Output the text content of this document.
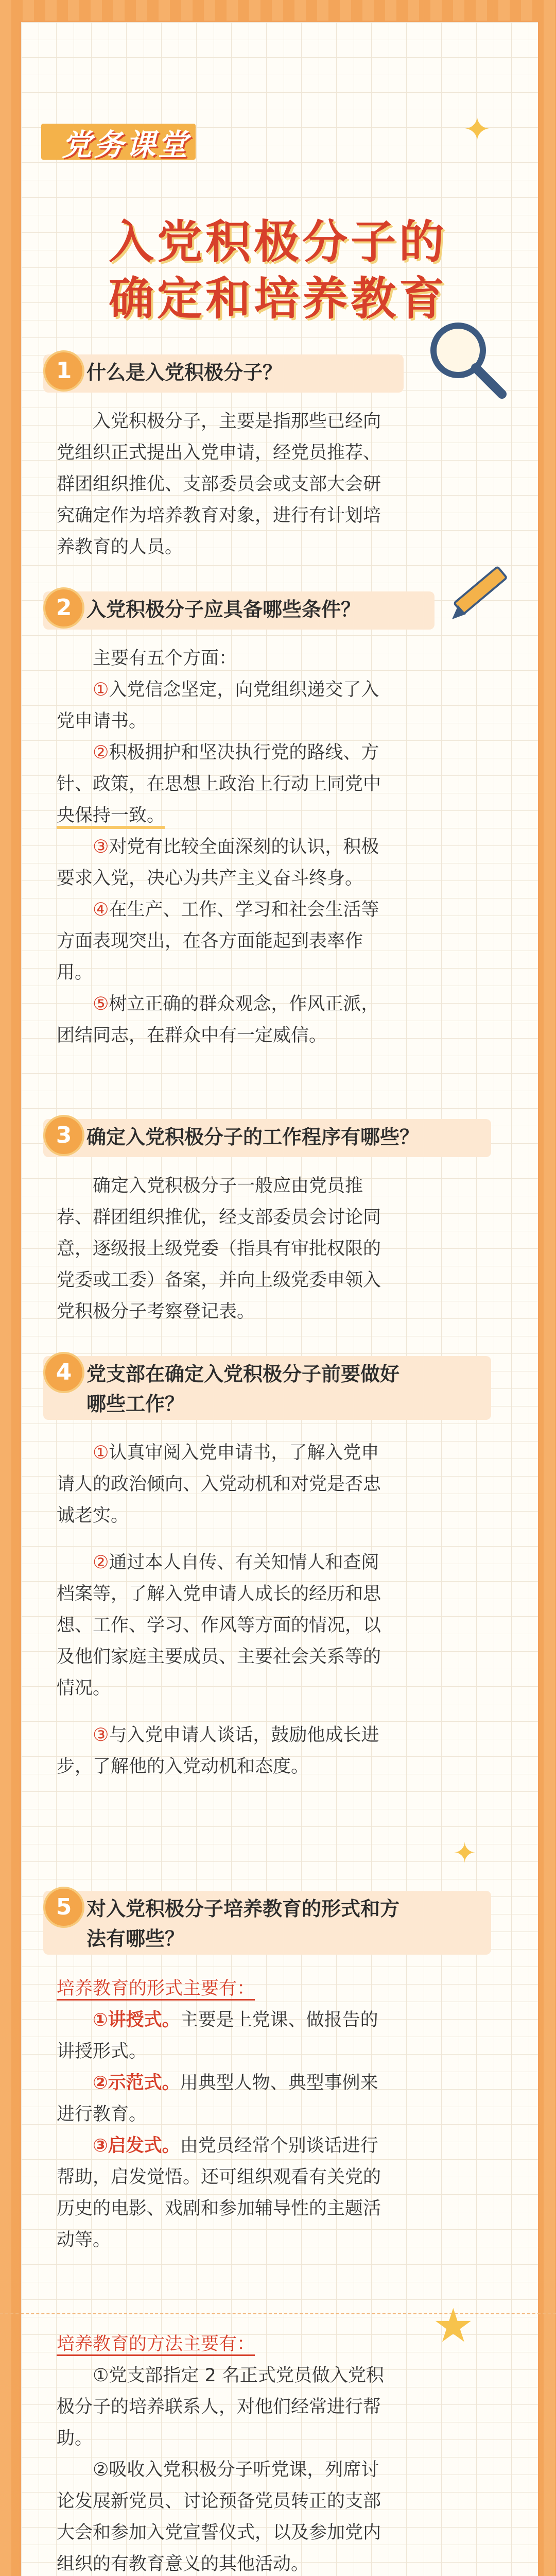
党务课堂	✦
入党积极分子的
确定和培养教育
1 什么是入党积极分子？
入党积极分子，主要是指那些已经向
党组织正式提出入党申请，经党员推荐、
群团组织推优、支部委员会或支部大会研
究确定作为培养教育对象，进行有计划培
养教育的人员。
2 入党积极分子应具备哪些条件？
主要有五个方面：
①入党信念坚定，向党组织递交了入
党申请书。
②积极拥护和坚决执行党的路线、方
针、政策，在思想上政治上行动上同党中
央保持一致。
③对党有比较全面深刻的认识，积极
要求入党，决心为共产主义奋斗终身。
④在生产、工作、学习和社会生活等
方面表现突出，在各方面能起到表率作
用。
⑤树立正确的群众观念，作风正派，
团结同志，在群众中有一定威信。
3 确定入党积极分子的工作程序有哪些？
确定入党积极分子一般应由党员推
荐、群团组织推优，经支部委员会讨论同
意，逐级报上级党委（指具有审批权限的
党委或工委）备案，并向上级党委申领入
党积极分子考察登记表。
4 党支部在确定入党积极分子前要做好
哪些工作？
①认真审阅入党申请书，了解入党申
请人的政治倾向、入党动机和对党是否忠
诚老实。
②通过本人自传、有关知情人和查阅
档案等，了解入党申请人成长的经历和思
想、工作、学习、作风等方面的情况，以
及他们家庭主要成员、主要社会关系等的
情况。
③与入党申请人谈话，鼓励他成长进
步，了解他的入党动机和态度。
✦
5 对入党积极分子培养教育的形式和方
法有哪些？
培养教育的形式主要有：
①讲授式。主要是上党课、做报告的
讲授形式。
②示范式。用典型人物、典型事例来
进行教育。
③启发式。由党员经常个别谈话进行
帮助，启发觉悟。还可组织观看有关党的
历史的电影、戏剧和参加辅导性的主题活
动等。
★
培养教育的方法主要有：
①党支部指定 2 名正式党员做入党积
极分子的培养联系人，对他们经常进行帮
助。
②吸收入党积极分子听党课，列席讨
论发展新党员、讨论预备党员转正的支部
大会和参加入党宣誓仪式，以及参加党内
组织的有教育意义的其他活动。
